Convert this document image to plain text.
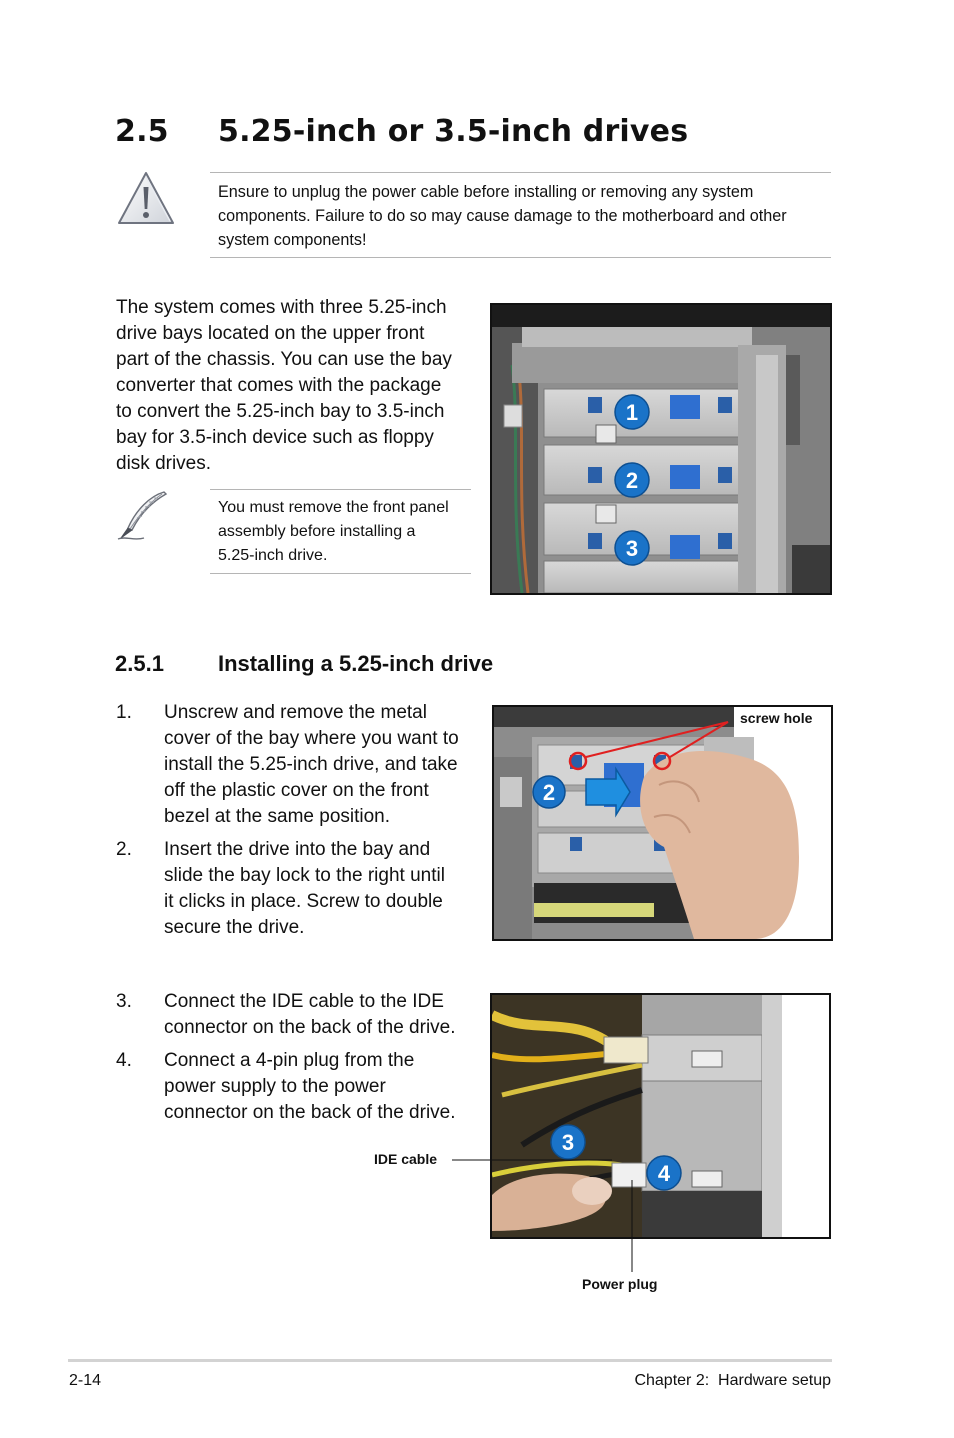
2.5 5.25-inch or 3.5-inch drives
Ensure to unplug the power cable before installing or removing any system
components. Failure to do so may cause damage to the motherboard and other
system components!
The system comes with three 5.25-inch
drive bays located on the upper front
part of the chassis. You can use the bay
converter that comes with the package
to convert the 5.25-inch bay to 3.5-inch
bay for 3.5-inch device such as floppy
disk drives.
You must remove the front panel
assembly before installing a
5.25-inch drive.
1
2
3
2.5.1 Installing a 5.25-inch drive
1. Unscrew and remove the metal
cover of the bay where you want to
install the 5.25-inch drive, and take
off the plastic cover on the front
bezel at the same position.
2. Insert the drive into the bay and
slide the bay lock to the right until
it clicks in place. Screw to double
secure the drive.
2
screw hole
3. Connect the IDE cable to the IDE
connector on the back of the drive.
4. Connect a 4-pin plug from the
power supply to the power
connector on the back of the drive.
3
4
IDE cable
Power plug
2-14	Chapter 2:  Hardware setup
